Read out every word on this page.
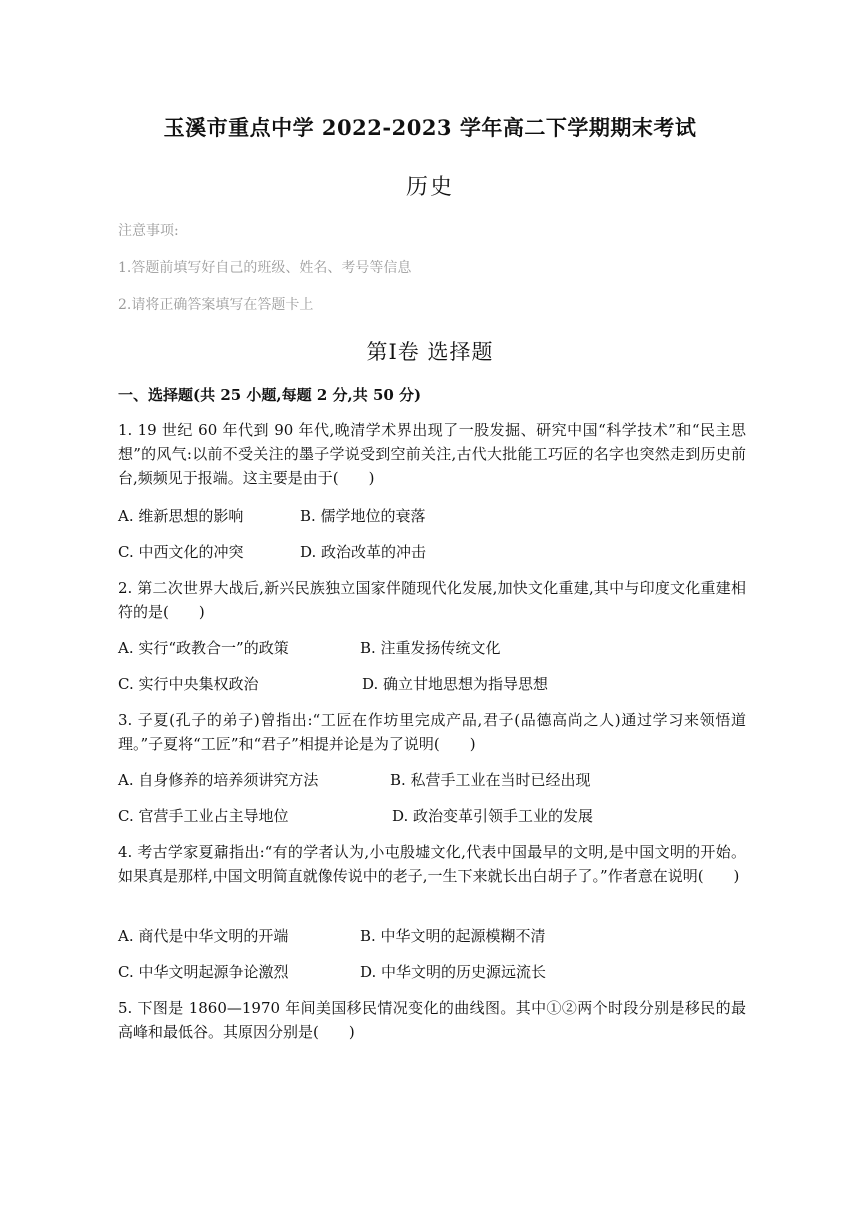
玉溪市重点中学 2022-2023 学年高二下学期期末考试
历史
注意事项:
1.答题前填写好自己的班级、姓名、考号等信息
2.请将正确答案填写在答题卡上
第Ⅰ卷 选择题
一、选择题(共 25 小题,每题 2 分,共 50 分)
1. 19 世纪 60 年代到 90 年代,晚清学术界出现了一股发掘、研究中国“科学技术”和“民主思想”的风气:以前不受关注的墨子学说受到空前关注,古代大批能工巧匠的名字也突然走到历史前台,频频见于报端。这主要是由于(　　)
A. 维新思想的影响	B. 儒学地位的衰落
C. 中西文化的冲突	D. 政治改革的冲击
2. 第二次世界大战后,新兴民族独立国家伴随现代化发展,加快文化重建,其中与印度文化重建相符的是(　　)
A. 实行“政教合一”的政策	B. 注重发扬传统文化
C. 实行中央集权政治	D. 确立甘地思想为指导思想
3. 子夏(孔子的弟子)曾指出:“工匠在作坊里完成产品,君子(品德高尚之人)通过学习来领悟道理。”子夏将“工匠”和“君子”相提并论是为了说明(　　)
A. 自身修养的培养须讲究方法	B. 私营手工业在当时已经出现
C. 官营手工业占主导地位	D. 政治变革引领手工业的发展
4. 考古学家夏鼐指出:“有的学者认为,小屯殷墟文化,代表中国最早的文明,是中国文明的开始。如果真是那样,中国文明简直就像传说中的老子,一生下来就长出白胡子了。”作者意在说明(　　)
A. 商代是中华文明的开端	B. 中华文明的起源模糊不清
C. 中华文明起源争论激烈	D. 中华文明的历史源远流长
5. 下图是 1860—1970 年间美国移民情况变化的曲线图。其中①②两个时段分别是移民的最高峰和最低谷。其原因分别是(　　)
